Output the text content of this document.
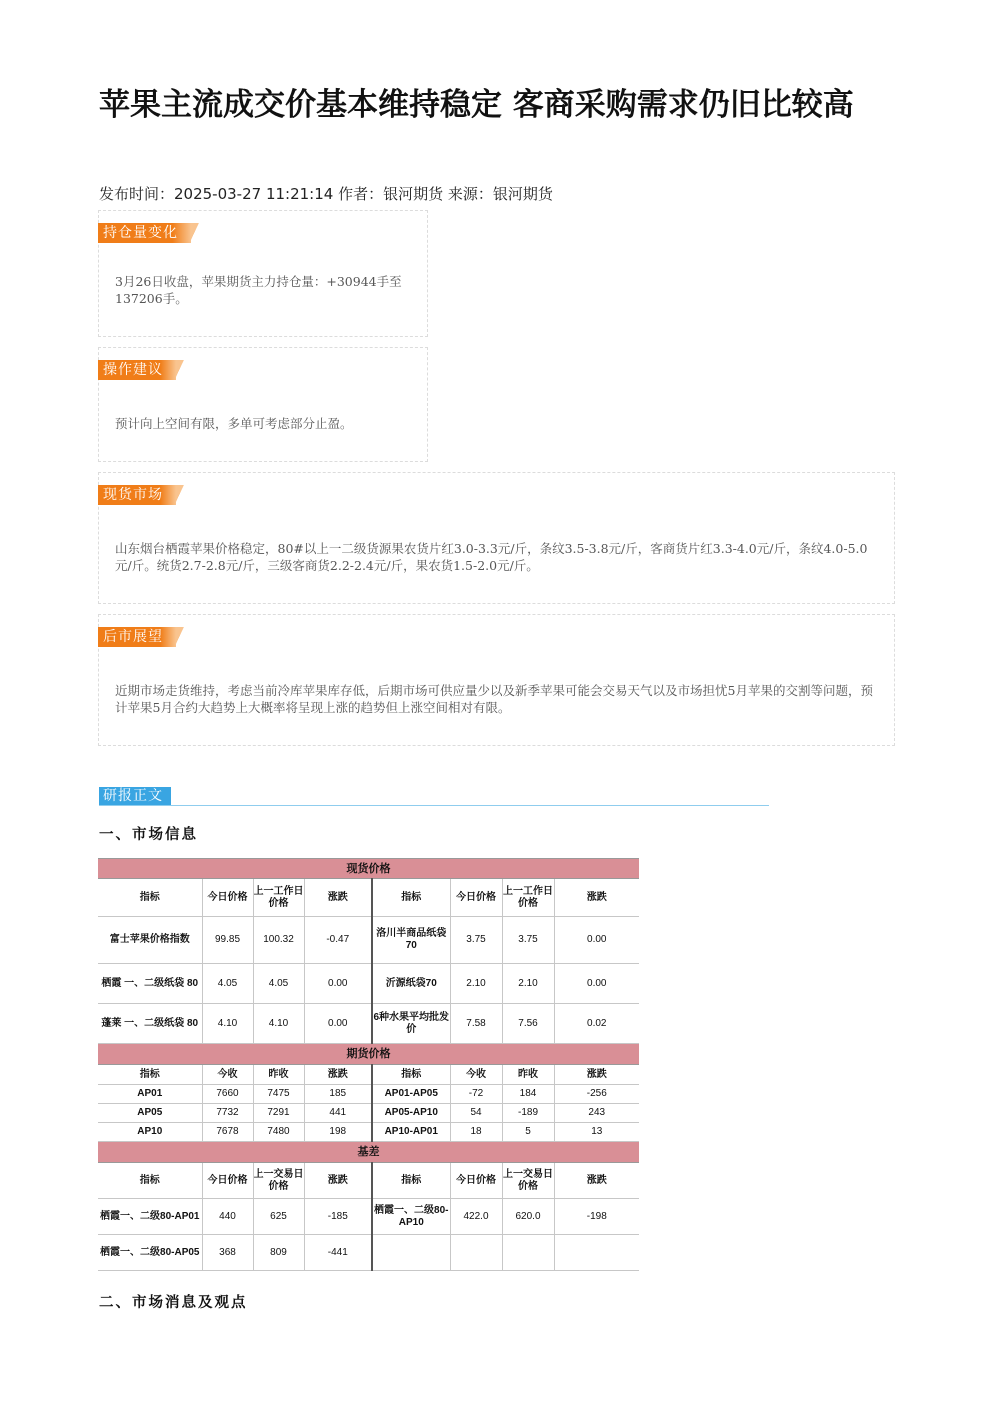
苹果主流成交价基本维持稳定 客商采购需求仍旧比较高
发布时间：2025-03-27 11:21:14 作者：银河期货 来源：银河期货
持仓量变化
3月26日收盘，苹果期货主力持仓量：+30944手至137206手。
操作建议
预计向上空间有限，多单可考虑部分止盈。
现货市场
山东烟台栖霞苹果价格稳定，80#以上一二级货源果农货片红3.0-3.3元/斤，条纹3.5-3.8元/斤，客商货片红3.3-4.0元/斤，条纹4.0-5.0元/斤。统货2.7-2.8元/斤，三级客商货2.2-2.4元/斤，果农货1.5-2.0元/斤。
后市展望
近期市场走货维持，考虑当前冷库苹果库存低，后期市场可供应量少以及新季苹果可能会交易天气以及市场担忧5月苹果的交割等问题，预计苹果5月合约大趋势上大概率将呈现上涨的趋势但上涨空间相对有限。
研报正文
一、市场信息
现货价格							
指标	今日价格	上一工作日价格	涨跌	指标	今日价格	上一工作日价格	涨跌
富士苹果价格指数	99.85	100.32	-0.47	洛川半商品纸袋70	3.75	3.75	0.00
栖霞 一、二级纸袋 80	4.05	4.05	0.00	沂源纸袋70	2.10	2.10	0.00
蓬莱 一、二级纸袋 80	4.10	4.10	0.00	6种水果平均批发价	7.58	7.56	0.02
期货价格							
指标	今收	昨收	涨跌	指标	今收	昨收	涨跌
AP01	7660	7475	185	AP01-AP05	-72	184	-256
AP05	7732	7291	441	AP05-AP10	54	-189	243
AP10	7678	7480	198	AP10-AP01	18	5	13
基差							
指标	今日价格	上一交易日价格	涨跌	指标	今日价格	上一交易日价格	涨跌
栖霞一、二级80-AP01	440	625	-185	栖霞一、二级80-AP10	422.0	620.0	-198
栖霞一、二级80-AP05	368	809	-441				
二、市场消息及观点
